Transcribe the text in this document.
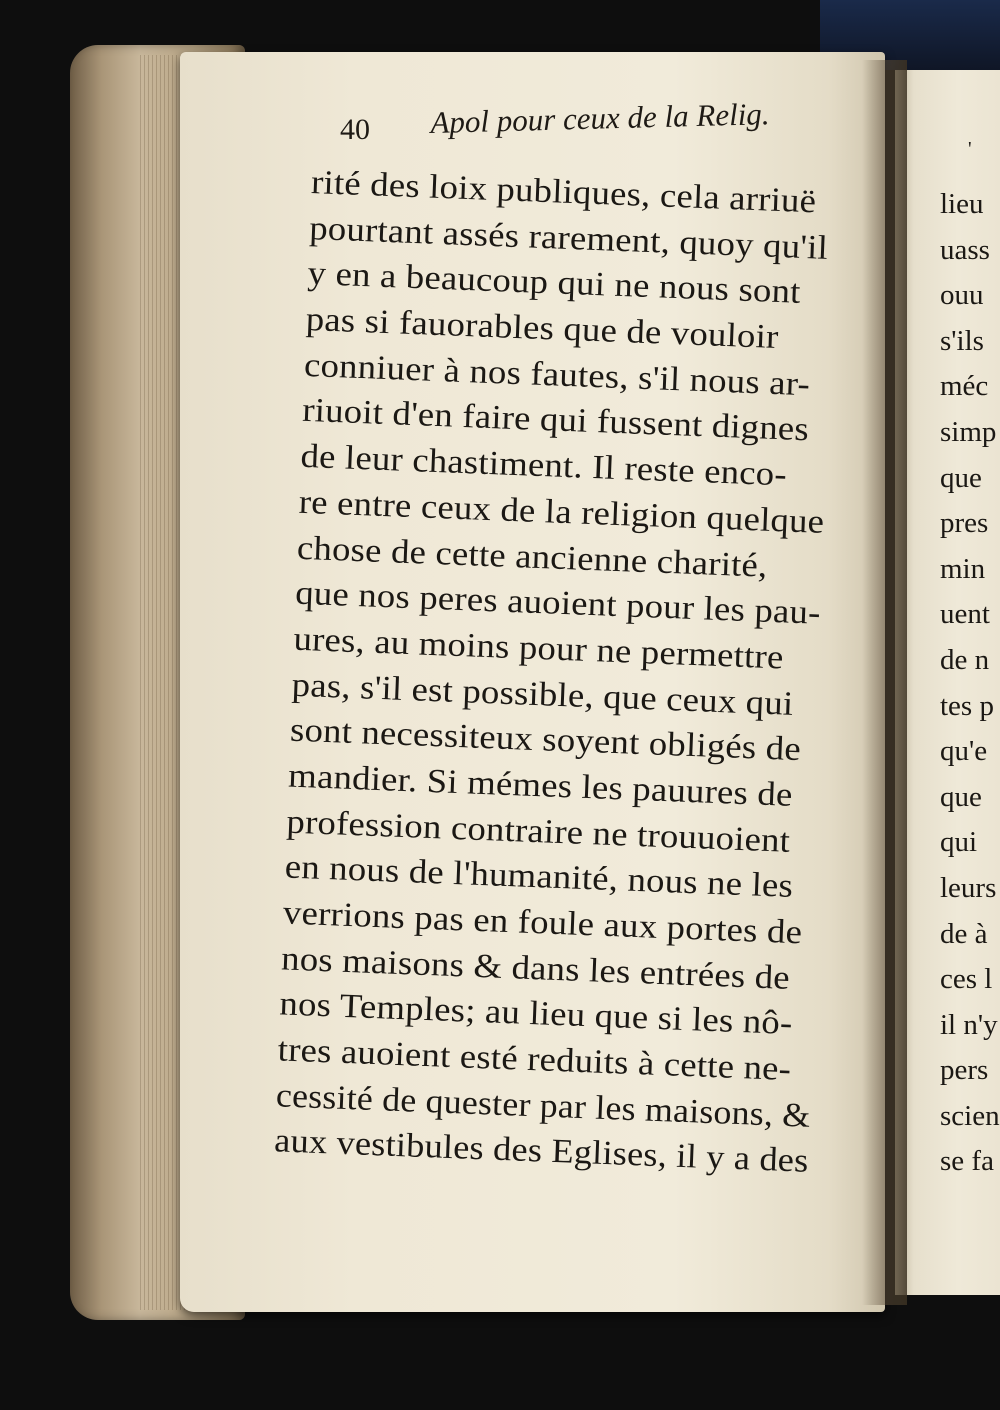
40 Apol pour ceux de la Relig.
rité des loix publiques, cela arriuë
pourtant assés rarement, quoy qu'il
y en a beaucoup qui ne nous sont
pas si fauorables que de vouloir
conniuer à nos fautes, s'il nous ar-
riuoit d'en faire qui fussent dignes
de leur chastiment. Il reste enco-
re entre ceux de la religion quelque
chose de cette ancienne charité,
que nos peres auoient pour les pau-
ures, au moins pour ne permettre
pas, s'il est possible, que ceux qui
sont necessiteux soyent obligés de
mandier. Si mémes les pauures de
profession contraire ne trouuoient
en nous de l'humanité, nous ne les
verrions pas en foule aux portes de
nos maisons & dans les entrées de
nos Temples; au lieu que si les nô-
tres auoient esté reduits à cette ne-
cessité de quester par les maisons, &
aux vestibules des Eglises, il y a des
'
lieu
uass
ouu
s'ils
méc
simp
que
pres
min
uent
de n
tes p
qu'e
que
qui
leurs
de à
ces l
il n'y
pers
scien
se fa
